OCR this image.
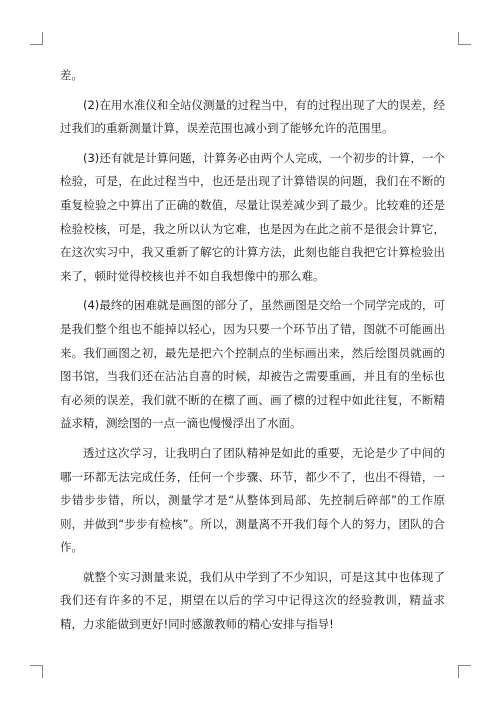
差。

(2)在用水准仪和全站仪测量的过程当中，有的过程出现了大的误差，经过我们的重新测量计算，误差范围也减小到了能够允许的范围里。

(3)还有就是计算问题，计算务必由两个人完成，一个初步的计算，一个检验，可是，在此过程当中，也还是出现了计算错误的问题，我们在不断的重复检验之中算出了正确的数值，尽量让误差减少到了最少。比较难的还是检验校核，可是，我之所以认为它难，也是因为在此之前不是很会计算它，在这次实习中，我又重新了解它的计算方法，此刻也能自我把它计算检验出来了，顿时觉得校核也并不如自我想像中的那么难。

(4)最终的困难就是画图的部分了，虽然画图是交给一个同学完成的，可是我们整个组也不能掉以轻心，因为只要一个环节出了错，图就不可能画出来。我们画图之初，最先是把六个控制点的坐标画出来，然后绘图员就画的图书馆，当我们还在沾沾自喜的时候，却被告之需要重画，并且有的坐标也有必须的误差，我们就不断的在檩了画、画了檩的过程中如此往复，不断精益求精，测绘图的一点一滴也慢慢浮出了水面。

透过这次学习，让我明白了团队精神是如此的重要，无论是少了中间的哪一环都无法完成任务，任何一个步骤、环节，都少不了，也出不得错，一步错步步错，所以，测量学才是“从整体到局部、先控制后碎部”的工作原则，并做到“步步有检核”。所以，测量离不开我们每个人的努力，团队的合作。

就整个实习测量来说，我们从中学到了不少知识，可是这其中也体现了我们还有许多的不足，期望在以后的学习中记得这次的经验教训，精益求精，力求能做到更好!同时感激教师的精心安排与指导!
